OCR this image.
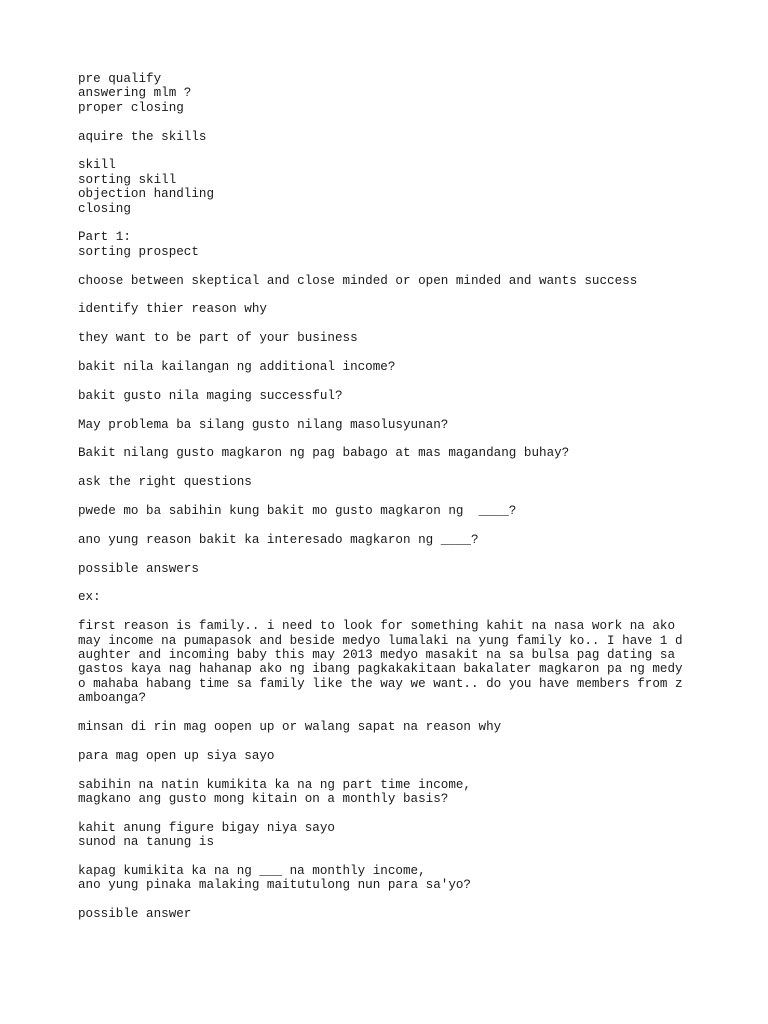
pre qualify
answering mlm ?
proper closing
aquire the skills
skill
sorting skill
objection handling
closing
Part 1:
sorting prospect
choose between skeptical and close minded or open minded and wants success
identify thier reason why
they want to be part of your business
bakit nila kailangan ng additional income?
bakit gusto nila maging successful?
May problema ba silang gusto nilang masolusyunan?
Bakit nilang gusto magkaron ng pag babago at mas magandang buhay?
ask the right questions
pwede mo ba sabihin kung bakit mo gusto magkaron ng  ____?
ano yung reason bakit ka interesado magkaron ng ____?
possible answers
ex:
first reason is family.. i need to look for something kahit na nasa work na ako
may income na pumapasok and beside medyo lumalaki na yung family ko.. I have 1 d
aughter and incoming baby this may 2013 medyo masakit na sa bulsa pag dating sa
gastos kaya nag hahanap ako ng ibang pagkakakitaan bakalater magkaron pa ng medy
o mahaba habang time sa family like the way we want.. do you have members from z
amboanga?
minsan di rin mag oopen up or walang sapat na reason why
para mag open up siya sayo
sabihin na natin kumikita ka na ng part time income,
magkano ang gusto mong kitain on a monthly basis?
kahit anung figure bigay niya sayo
sunod na tanung is
kapag kumikita ka na ng ___ na monthly income,
ano yung pinaka malaking maitutulong nun para sa'yo?
possible answer
